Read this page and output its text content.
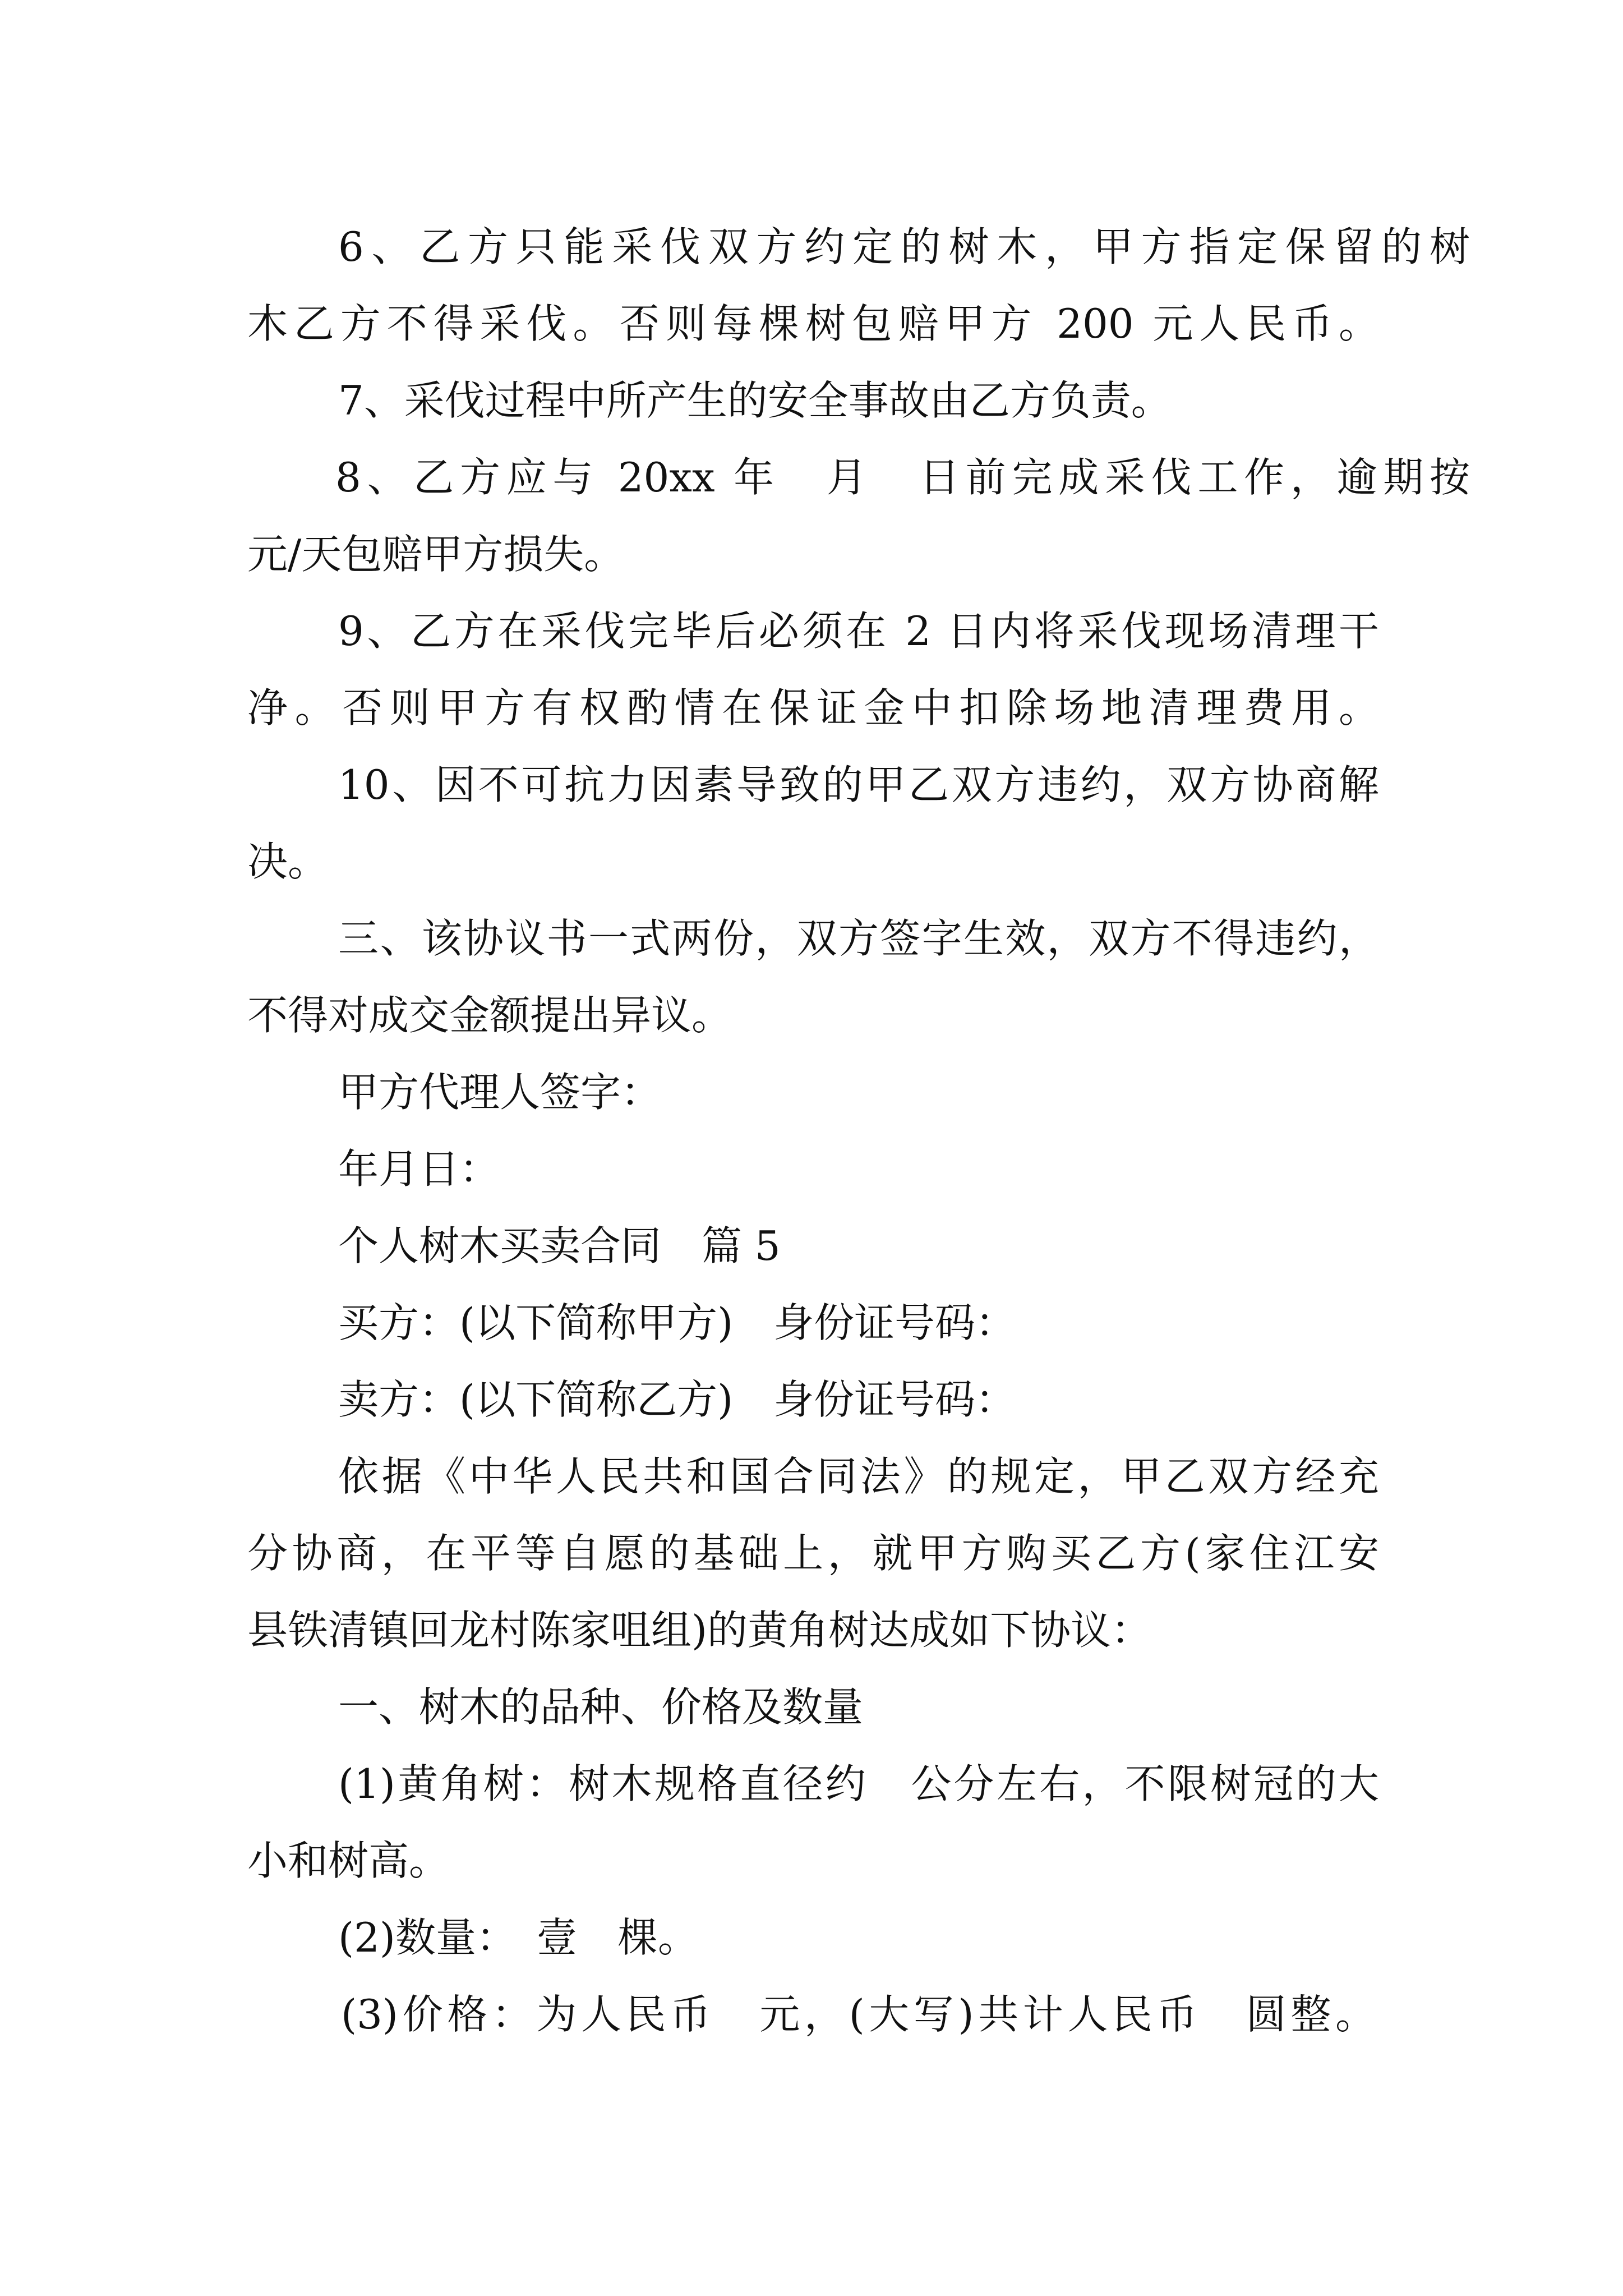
6、乙方只能采伐双方约定的树木，甲方指定保留的树
木乙方不得采伐。否则每棵树包赔甲方 200 元人民币。
7、采伐过程中所产生的安全事故由乙方负责。
8、乙方应与 20xx 年　月　日前完成采伐工作，逾期按
元/天包赔甲方损失。
9、乙方在采伐完毕后必须在 2 日内将采伐现场清理干
净。否则甲方有权酌情在保证金中扣除场地清理费用。
10、因不可抗力因素导致的甲乙双方违约，双方协商解
决。
三、该协议书一式两份，双方签字生效，双方不得违约，
不得对成交金额提出异议。
甲方代理人签字：
年月日：
个人树木买卖合同　篇 5
买方：(以下简称甲方)　身份证号码：
卖方：(以下简称乙方)　身份证号码：
依据《中华人民共和国合同法》的规定，甲乙双方经充
分协商，在平等自愿的基础上，就甲方购买乙方(家住江安
县铁清镇回龙村陈家咀组)的黄角树达成如下协议：
一、树木的品种、价格及数量
(1)黄角树：树木规格直径约　公分左右，不限树冠的大
小和树高。
(2)数量：　壹　棵。
(3)价格：为人民币　元，(大写)共计人民币　圆整。
